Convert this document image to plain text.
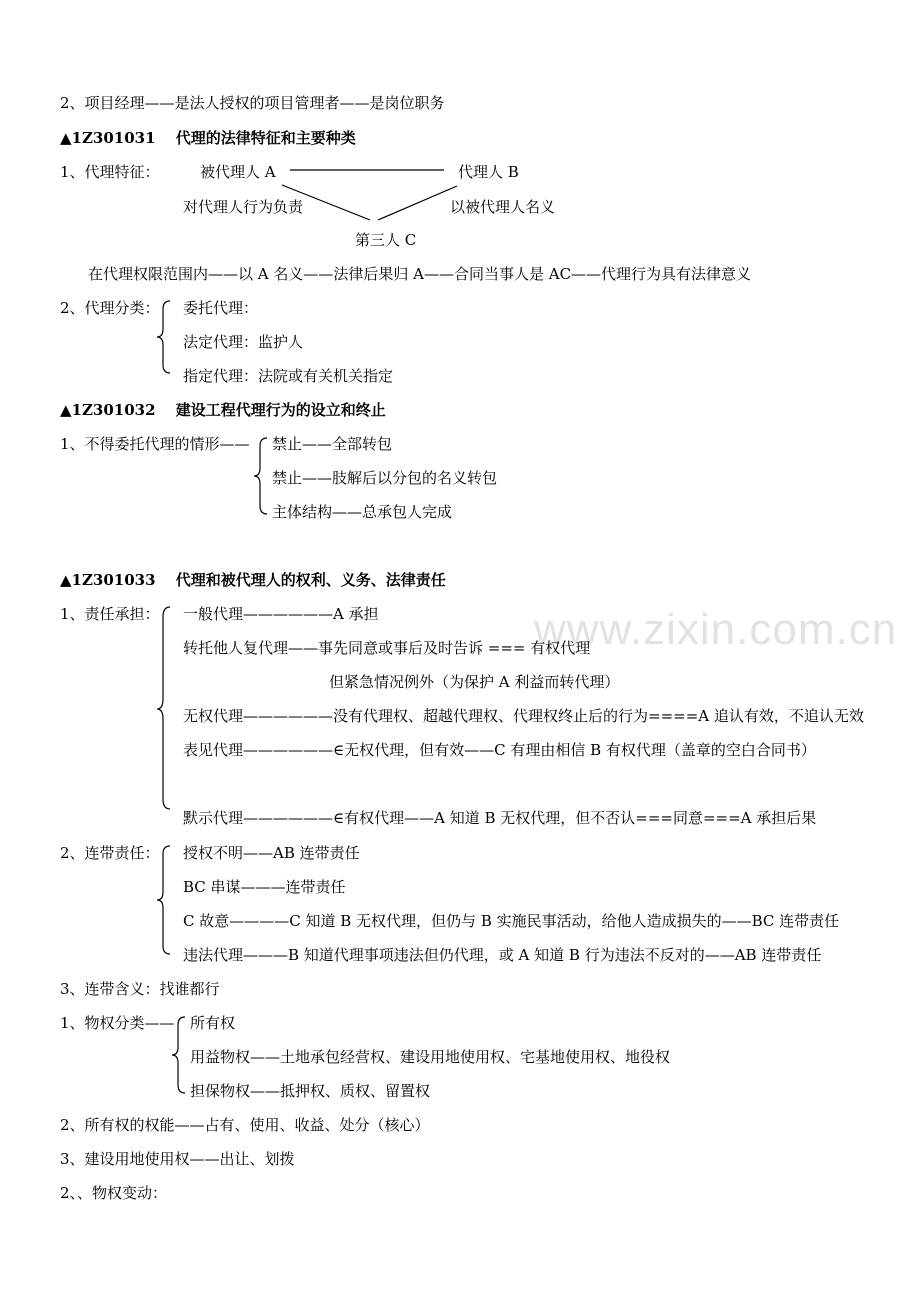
www.zixin.com.cn
2、项目经理——是法人授权的项目管理者——是岗位职务
▲1Z301031　 代理的法律特征和主要种类
1、代理特征：	被代理人 A	代理人 B
对代理人行为负责	以被代理人名义
第三人 C
在代理权限范围内——以 A 名义——法律后果归 A——合同当事人是 AC——代理行为具有法律意义
2、代理分类： 委托代理：
法定代理：监护人
指定代理：法院或有关机关指定
▲1Z301032　 建设工程代理行为的设立和终止
1、不得委托代理的情形—— 禁止——全部转包
禁止——肢解后以分包的名义转包
主体结构——总承包人完成
▲1Z301033　 代理和被代理人的权利、义务、法律责任
1、责任承担： 一般代理——————A 承担
转托他人复代理——事先同意或事后及时告诉 === 有权代理
但紧急情况例外（为保护 A 利益而转代理）
无权代理——————没有代理权、超越代理权、代理权终止后的行为====A 追认有效，不追认无效
表见代理——————∈无权代理，但有效——C 有理由相信 B 有权代理（盖章的空白合同书）
默示代理——————∈有权代理——A 知道 B 无权代理，但不否认===同意===A 承担后果
2、连带责任： 授权不明——AB 连带责任
BC 串谋———连带责任
C 故意————C 知道 B 无权代理，但仍与 B 实施民事活动，给他人造成损失的——BC 连带责任
违法代理———B 知道代理事项违法但仍代理，或 A 知道 B 行为违法不反对的——AB 连带责任
3、连带含义：找谁都行
1、物权分类—— 所有权
用益物权——土地承包经营权、建设用地使用权、宅基地使用权、地役权
担保物权——抵押权、质权、留置权
2、所有权的权能——占有、使用、收益、处分（核心）
3、建设用地使用权——出让、划拨
2、、物权变动：
